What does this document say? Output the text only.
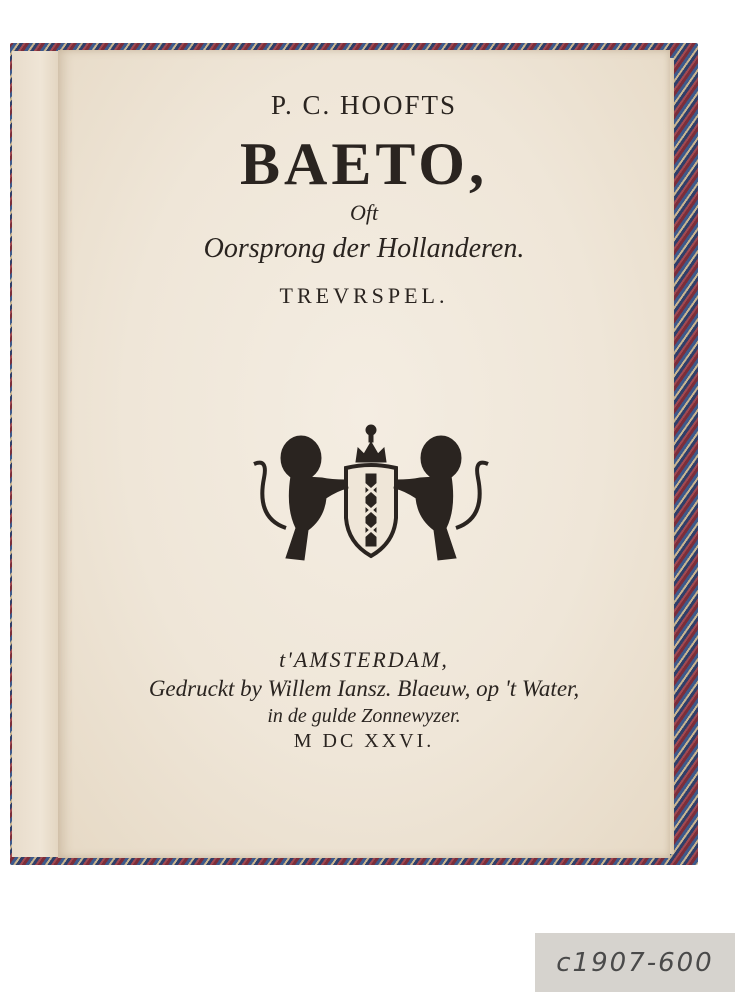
P. C. HOOFTS
BAETO,
Oft
Oorsprong der Hollanderen.
TREVRSPEL.
t'AMSTERDAM,
Gedruckt by Willem Iansz. Blaeuw, op 't Water,
in de gulde Zonnewyzer.
M DC XXVI.
c1907-600
